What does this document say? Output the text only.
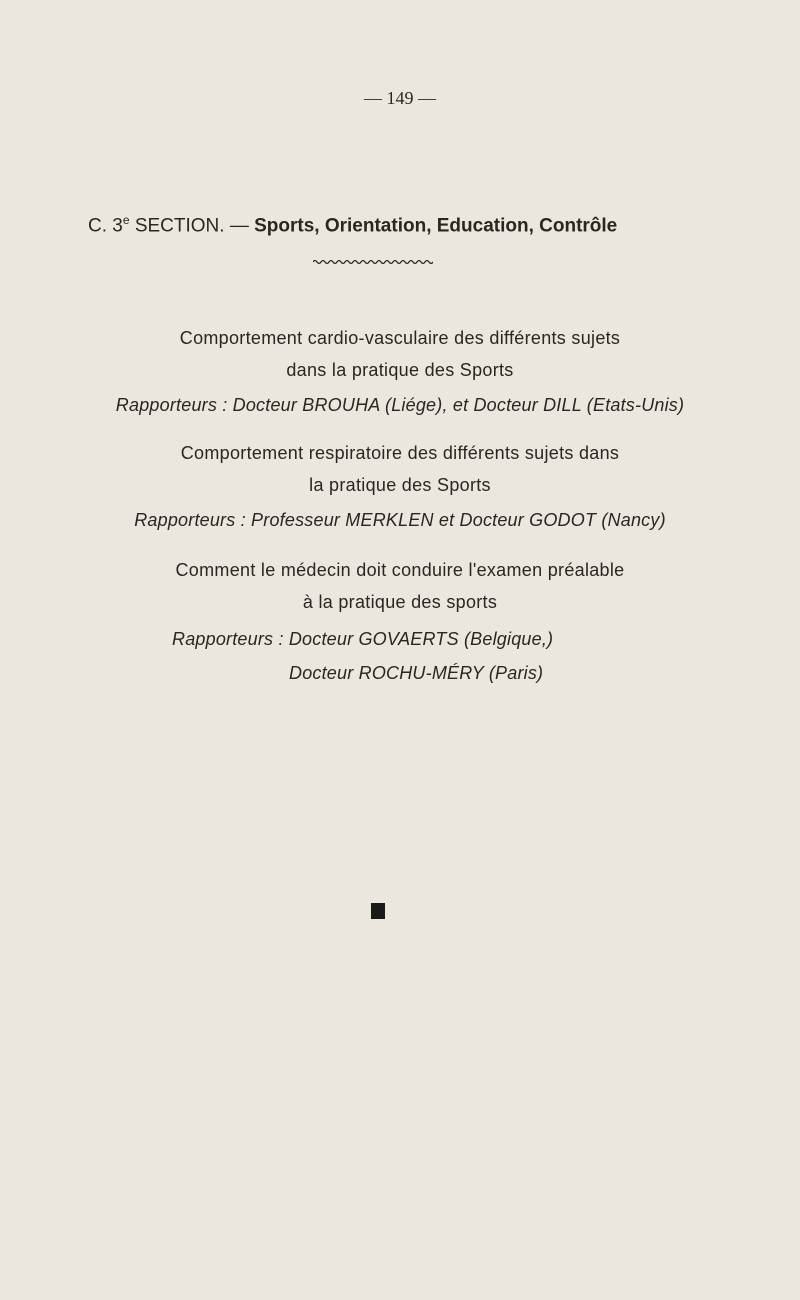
— 149 —
C. 3e SECTION. — Sports, Orientation, Education, Contrôle

Comportement cardio-vasculaire des différents sujets

dans la pratique des Sports

Rapporteurs : Docteur BROUHA (Liége), et Docteur DILL (Etats-Unis)

Comportement respiratoire des différents sujets dans

la pratique des Sports

Rapporteurs : Professeur MERKLEN et Docteur GODOT (Nancy)

Comment le médecin doit conduire l'examen préalable

à la pratique des sports

Rapporteurs : Docteur GOVAERTS (Belgique,)

Docteur ROCHU-MÉRY (Paris)
